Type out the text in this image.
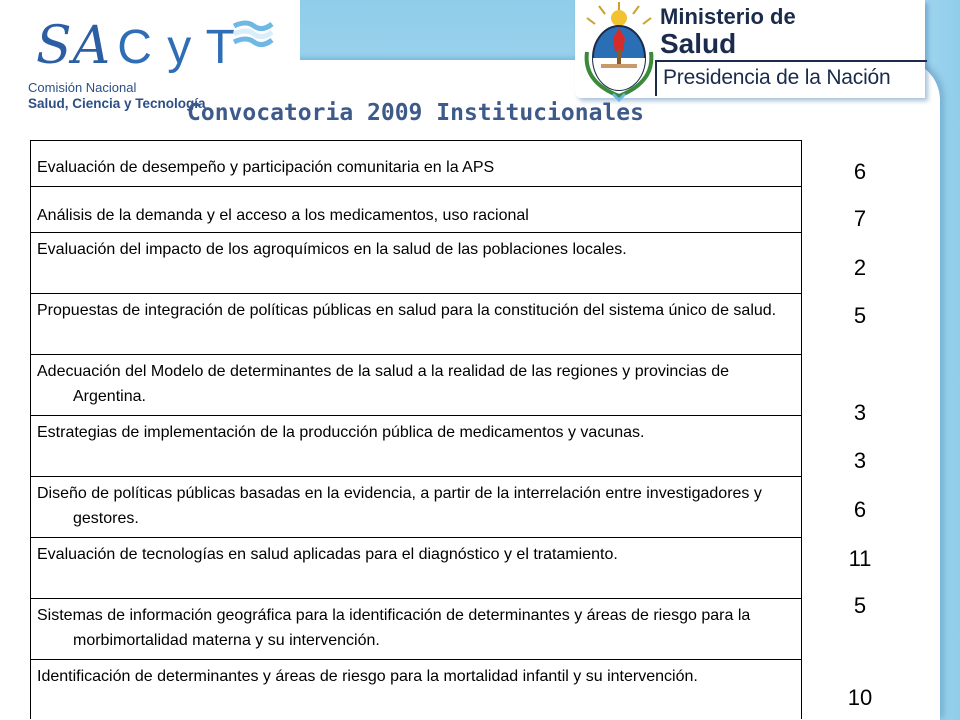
SA C y T
Comisión Nacional
Salud, Ciencia y Tecnología
Ministerio de
Salud
Presidencia de la Nación
Convocatoria 2009 Institucionales
Evaluación de desempeño y participación comunitaria en la APS
Análisis de la demanda y el acceso a los medicamentos, uso racional
Evaluación del impacto de los agroquímicos en la salud de las poblaciones locales.
Propuestas de integración de políticas públicas en salud para la constitución del sistema único de salud.
Adecuación del Modelo de determinantes de la salud a la realidad de las regiones y provincias de Argentina.
Estrategias de implementación de la producción pública de medicamentos y vacunas.
Diseño de políticas públicas basadas en la evidencia, a partir de la interrelación entre investigadores y gestores.
Evaluación de tecnologías en salud aplicadas para el diagnóstico y el tratamiento.
Sistemas de información geográfica para la identificación de determinantes y áreas de riesgo para la morbimortalidad materna y su intervención.
Identificación de determinantes y áreas de riesgo para la mortalidad infantil y su intervención.
6
7
2
5
3
3
6
11
5
10
